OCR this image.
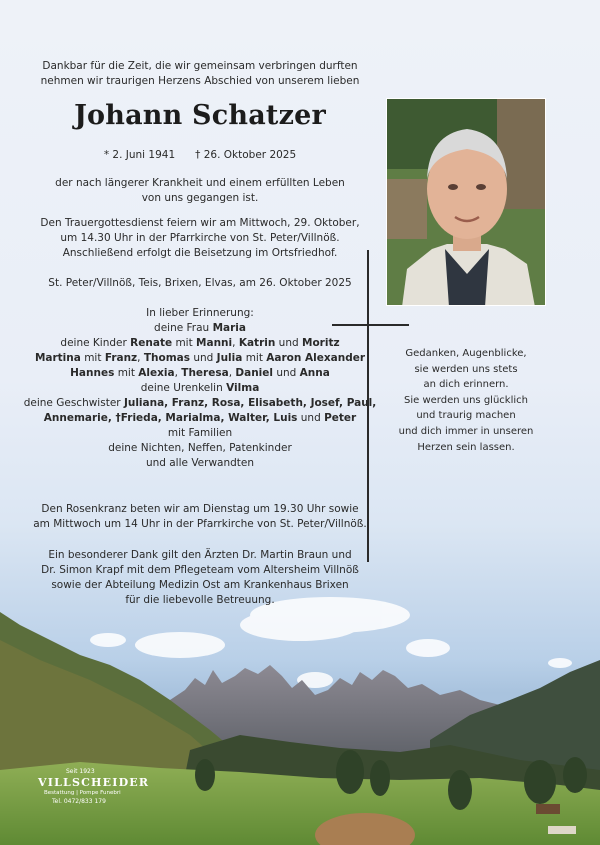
Dankbar für die Zeit, die wir gemeinsam verbringen durften
nehmen wir traurigen Herzens Abschied von unserem lieben
Johann Schatzer
* 2. Juni 1941 † 26. Oktober 2025
der nach längerer Krankheit und einem erfüllten Leben
von uns gegangen ist.
Den Trauergottesdienst feiern wir am Mittwoch, 29. Oktober,
um 14.30 Uhr in der Pfarrkirche von St. Peter/Villnöß.
Anschließend erfolgt die Beisetzung im Ortsfriedhof.
St. Peter/Villnöß, Teis, Brixen, Elvas, am 26. Oktober 2025
In lieber Erinnerung:
deine Frau Maria
deine Kinder Renate mit Manni, Katrin und Moritz
Martina mit Franz, Thomas und Julia mit Aaron Alexander
Hannes mit Alexia, Theresa, Daniel und Anna
deine Urenkelin Vilma
deine Geschwister Juliana, Franz, Rosa, Elisabeth, Josef, Paul,
Annemarie, †Frieda, Marialma, Walter, Luis und Peter
mit Familien
deine Nichten, Neffen, Patenkinder
und alle Verwandten
Den Rosenkranz beten wir am Dienstag um 19.30 Uhr sowie
am Mittwoch um 14 Uhr in der Pfarrkirche von St. Peter/Villnöß.
Ein besonderer Dank gilt den Ärzten Dr. Martin Braun und
Dr. Simon Krapf mit dem Pflegeteam vom Altersheim Villnöß
sowie der Abteilung Medizin Ost am Krankenhaus Brixen
für die liebevolle Betreuung.
Gedanken, Augenblicke,
sie werden uns stets
an dich erinnern.
Sie werden uns glücklich
und traurig machen
und dich immer in unseren
Herzen sein lassen.
Seit 1923
VILLSCHEIDER
Bestattung | Pompe Funebri
Tel. 0472/833 179
